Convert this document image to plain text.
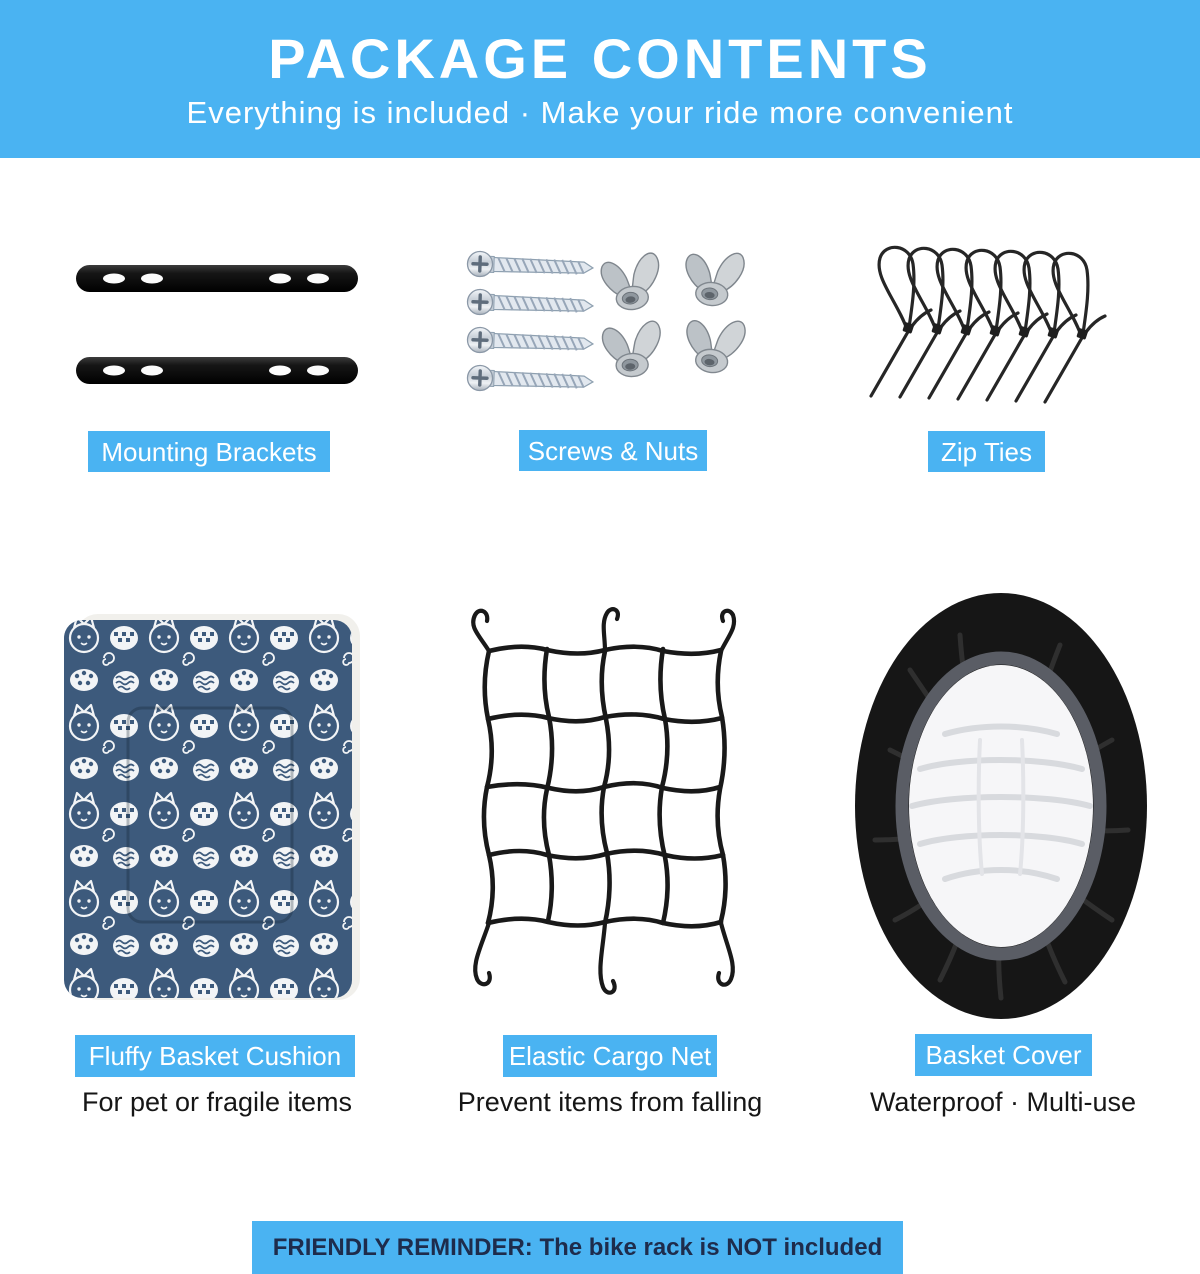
PACKAGE CONTENTS

Everything is included · Make your ride more convenient

Mounting Brackets	Screws & Nuts	Zip Ties
Fluffy Basket Cushion	Elastic Cargo Net	Basket Cover
For pet or fragile items	Prevent items from falling	Waterproof · Multi-use
FRIENDLY REMINDER: The bike rack is NOT included
